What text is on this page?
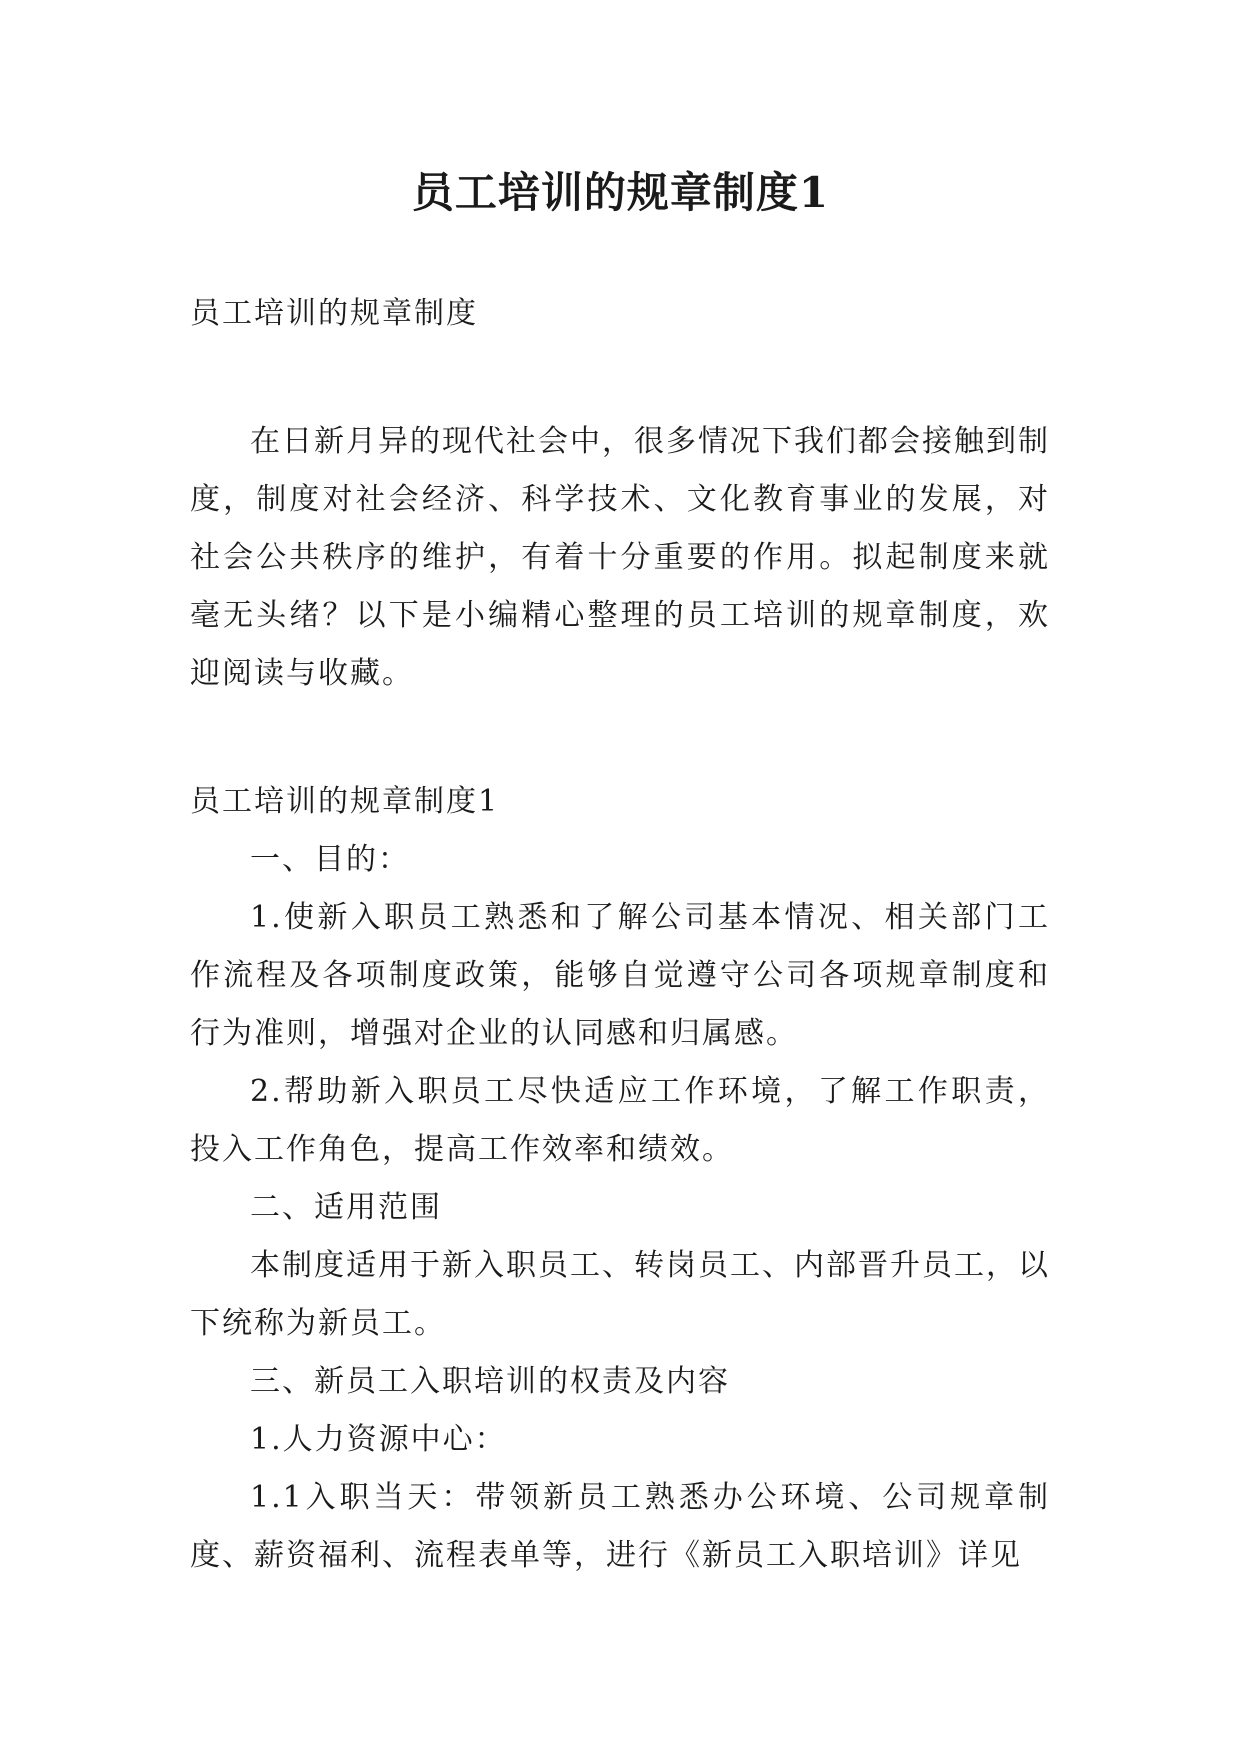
员工培训的规章制度1

员工培训的规章制度

在日新月异的现代社会中，很多情况下我们都会接触到制度，制度对社会经济、科学技术、文化教育事业的发展，对社会公共秩序的维护，有着十分重要的作用。拟起制度来就毫无头绪？以下是小编精心整理的员工培训的规章制度，欢迎阅读与收藏。

员工培训的规章制度1

一、目的：

1.使新入职员工熟悉和了解公司基本情况、相关部门工作流程及各项制度政策，能够自觉遵守公司各项规章制度和行为准则，增强对企业的认同感和归属感。

2.帮助新入职员工尽快适应工作环境，了解工作职责，投入工作角色，提高工作效率和绩效。

二、适用范围

本制度适用于新入职员工、转岗员工、内部晋升员工，以下统称为新员工。

三、新员工入职培训的权责及内容

1.人力资源中心：

1.1入职当天：带领新员工熟悉办公环境、公司规章制度、薪资福利、流程表单等，进行《新员工入职培训》详见
